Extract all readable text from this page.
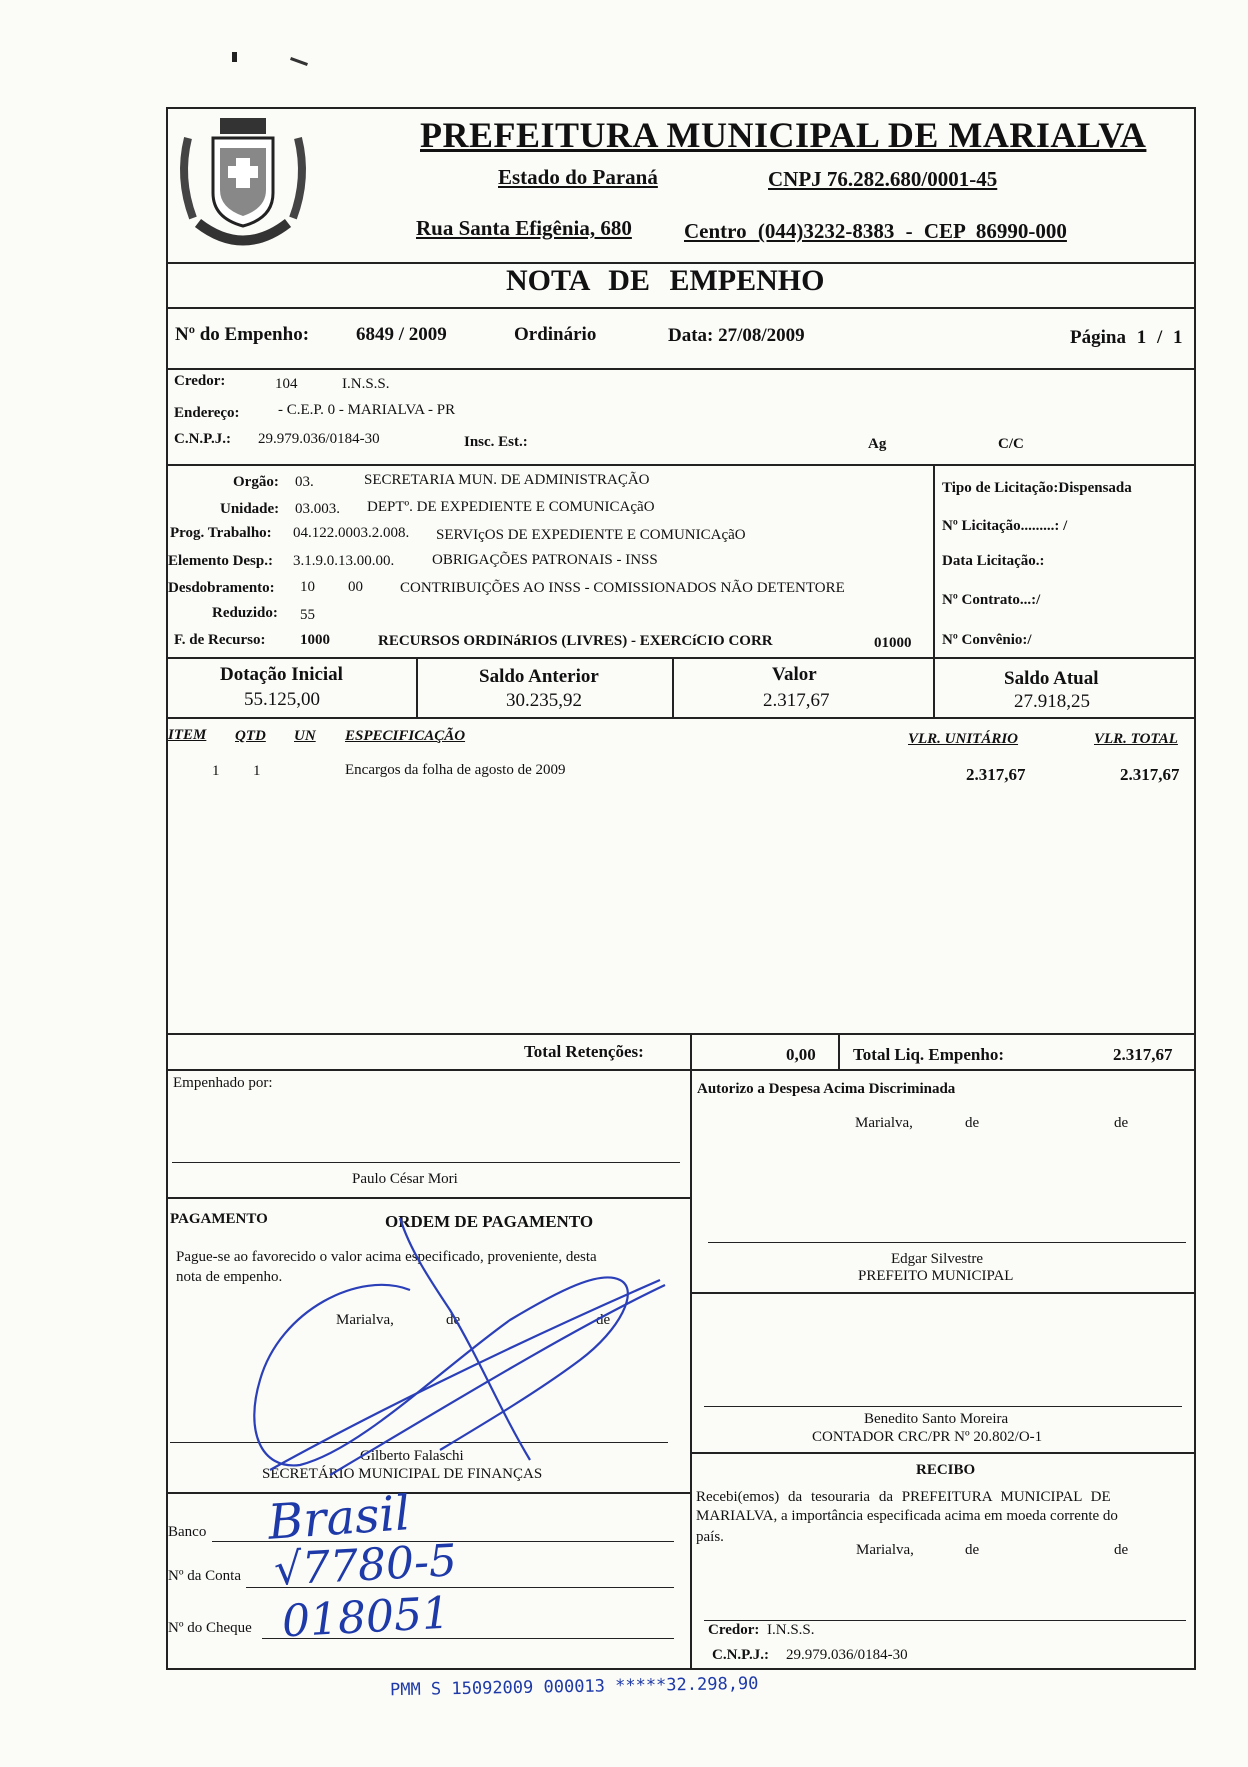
PREFEITURA MUNICIPAL DE MARIALVA
Estado do Paraná	CNPJ 76.282.680/0001-45
Rua Santa Efigênia, 680 Centro (044)3232-8383 - CEP 86990-000
NOTA DE EMPENHO
Nº do Empenho: 6849 / 2009	Ordinário	Data: 27/08/2009	Página 1 / 1
Credor:	104	I.N.S.S.
Endereço:	- C.E.P. 0 - MARIALVA - PR
C.N.P.J.: 29.979.036/0184-30	Insc. Est.:	Ag	C/C
Orgão: 03.	SECRETARIA MUN. DE ADMINISTRAÇÃO
Unidade: 03.003. DEPTº. DE EXPEDIENTE E COMUNICAçãO
Prog. Trabalho: 04.122.0003.2.008. SERVIçOS DE EXPEDIENTE E COMUNICAçãO
Elemento Desp.: 3.1.9.0.13.00.00.	OBRIGAÇÕES PATRONAIS - INSS
Desdobramento: 10 00 CONTRIBUIÇÕES AO INSS - COMISSIONADOS NÃO DETENTORE
Reduzido: 55
F. de Recurso: 1000	RECURSOS ORDINáRIOS (LIVRES) - EXERCíCIO CORR	01000
Tipo de Licitação:Dispensada
Nº Licitação.........: /
Data Licitação.:
Nº Contrato...:/
Nº Convênio:/
Dotação Inicial
55.125,00
Saldo Anterior
30.235,92
Valor
2.317,67
Saldo Atual
27.918,25
ITEM QTD UN ESPECIFICAÇÃO	VLR. UNITÁRIO	VLR. TOTAL
1 1	Encargos da folha de agosto de 2009	2.317,67	2.317,67
Total Retenções:	0,00 Total Liq. Empenho:	2.317,67
Empenhado por:
Paulo César Mori
Autorizo a Despesa Acima Discriminada
Marialva,	de	de
Edgar Silvestre
PREFEITO MUNICIPAL
Benedito Santo Moreira
CONTADOR CRC/PR Nº 20.802/O-1
RECIBO
Recebi(emos) da tesouraria da PREFEITURA MUNICIPAL DE
MARIALVA, a importância especificada acima em moeda corrente do
país.
Marialva,	de	de
Credor: I.N.S.S.
C.N.P.J.: 29.979.036/0184-30
PAGAMENTO	ORDEM DE PAGAMENTO
Pague-se ao favorecido o valor acima especificado, proveniente, desta
nota de empenho.
Marialva,	de	de
Gilberto Falaschi
SECRETÁRIO MUNICIPAL DE FINANÇAS
Banco Brasil
Nº da Conta √7780-5
Nº do Cheque 018051
PMM S 15092009 000013 *****32.298,90
